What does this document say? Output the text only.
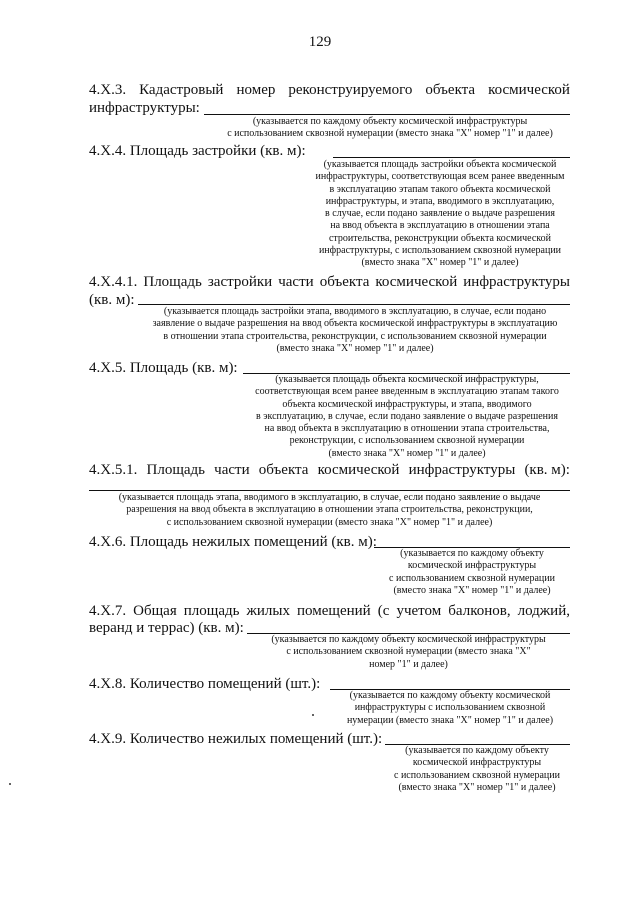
129
4.Х.3. Кадастровый номер реконструируемого объекта космической
инфраструктуры:
(указывается по каждому объекту космической инфраструктуры
с использованием сквозной нумерации (вместо знака "Х" номер "1" и далее)
4.Х.4. Площадь застройки (кв. м):
(указывается площадь застройки объекта космической
инфраструктуры, соответствующая всем ранее введенным
в эксплуатацию этапам такого объекта космической
инфраструктуры, и этапа, вводимого в эксплуатацию,
в случае, если подано заявление о выдаче разрешения
на ввод объекта в эксплуатацию в отношении этапа
строительства, реконструкции объекта космической
инфраструктуры, с использованием сквозной нумерации
(вместо знака "Х" номер "1" и далее)
4.Х.4.1. Площадь застройки части объекта космической инфраструктуры
(кв. м):
(указывается площадь застройки этапа, вводимого в эксплуатацию, в случае, если подано
заявление о выдаче разрешения на ввод объекта космической инфраструктуры в эксплуатацию
в отношении этапа строительства, реконструкции, с использованием сквозной нумерации
(вместо знака "Х" номер "1" и далее)
4.Х.5. Площадь (кв. м):
(указывается площадь объекта космической инфраструктуры,
соответствующая всем ранее введенным в эксплуатацию этапам такого
объекта космической инфраструктуры, и этапа, вводимого
в эксплуатацию, в случае, если подано заявление о выдаче разрешения
на ввод объекта в эксплуатацию в отношении этапа строительства,
реконструкции, с использованием сквозной нумерации
(вместо знака "Х" номер "1" и далее)
4.Х.5.1. Площадь части объекта космической инфраструктуры (кв. м):
(указывается площадь этапа, вводимого в эксплуатацию, в случае, если подано заявление о выдаче
разрешения на ввод объекта в эксплуатацию в отношении этапа строительства, реконструкции,
с использованием сквозной нумерации (вместо знака "Х" номер "1" и далее)
4.Х.6. Площадь нежилых помещений (кв. м):
(указывается по каждому объекту
космической инфраструктуры
с использованием сквозной нумерации
(вместо знака "Х" номер "1" и далее)
4.Х.7. Общая площадь жилых помещений (с учетом балконов, лоджий,
веранд и террас) (кв. м):
(указывается по каждому объекту космической инфраструктуры
с использованием сквозной нумерации (вместо знака "Х"
номер "1" и далее)
4.Х.8. Количество помещений (шт.):
(указывается по каждому объекту космической
инфраструктуры с использованием сквозной
нумерации (вместо знака "Х" номер "1" и далее)
4.Х.9. Количество нежилых помещений (шт.):
(указывается по каждому объекту
космической инфраструктуры
с использованием сквозной нумерации
(вместо знака "Х" номер "1" и далее)
